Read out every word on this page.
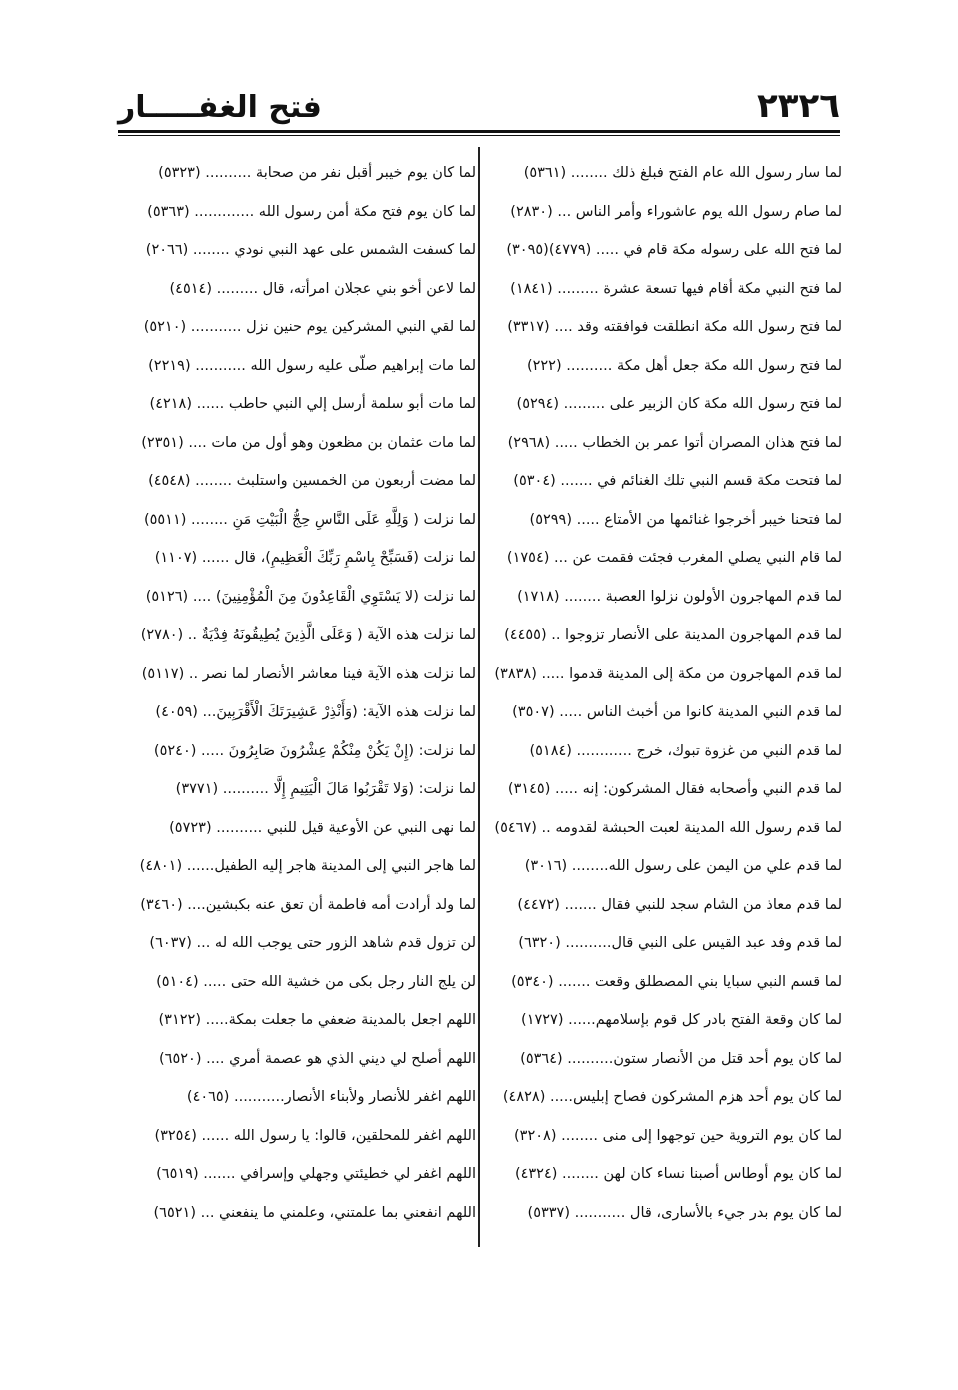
٢٣٢٦
فتح الغفـــــار
لما سار رسول الله عام الفتح فبلغ ذلك ........ (٥٣٦١)
لما صام رسول الله يوم عاشوراء وأمر الناس ... (٢٨٣٠)
لما فتح الله على رسوله مكة قام في ..... (٤٧٧٩)(٣٠٩٥)
لما فتح النبي مكة أقام فيها تسعة عشرة ......... (١٨٤١)
لما فتح رسول الله مكة انطلقت فوافقته وقد .... (٣٣١٧)
لما فتح رسول الله مكة جعل أهل مكة .......... (٢٢٢)
لما فتح رسول الله مكة كان الزبير على ......... (٥٢٩٤)
لما فتح هذان المصران أتوا عمر بن الخطاب ..... (٢٩٦٨)
لما فتحت مكة قسم النبي تلك الغنائم في ....... (٥٣٠٤)
لما فتحنا خيبر أخرجوا غنائمها من الأمتاع ..... (٥٢٩٩)
لما قام النبي يصلي المغرب فجئت فقمت عن ... (١٧٥٤)
لما قدم المهاجرون الأولون نزلوا العصبة ........ (١٧١٨)
لما قدم المهاجرون المدينة على الأنصار تزوجوا .. (٤٤٥٥)
لما قدم المهاجرون من مكة إلى المدينة قدموا ..... (٣٨٣٨)
لما قدم النبي المدينة كانوا من أخبث الناس ..... (٣٥٠٧)
لما قدم النبي من غزوة تبوك، خرج ............ (٥١٨٤)
لما قدم النبي وأصحابه فقال المشركون: إنه ..... (٣١٤٥)
لما قدم رسول الله المدينة لعبت الحبشة لقدومه .. (٥٤٦٧)
لما قدم علي من اليمن على رسول الله........ (٣٠١٦)
لما قدم معاذ من الشام سجد للنبي فقال ....... (٤٤٧٢)
لما قدم وفد عبد القيس على النبي قال.......... (٦٣٢٠)
لما قسم النبي سبايا بني المصطلق وقعت ....... (٥٣٤٠)
لما كان وقعة الفتح بادر كل قوم بإسلامهم...... (١٧٢٧)
لما كان يوم أحد قتل من الأنصار ستون.......... (٥٣٦٤)
لما كان يوم أحد هزم المشركون فصاح إبليس..... (٤٨٢٨)
لما كان يوم التروية حين توجهوا إلى منى ........ (٣٢٠٨)
لما كان يوم أوطاس أصبنا نساء كان لهن ........ (٤٣٢٤)
لما كان يوم بدر جيء بالأسارى، قال ........... (٥٣٣٧)
لما كان يوم خيبر أقبل نفر من صحابة .......... (٥٣٢٣)
لما كان يوم فتح مكة أمن رسول الله ............. (٥٣٦٣)
لما كسفت الشمس على عهد النبي نودي ........ (٢٠٦٦)
لما لاعن أخو بني عجلان امرأته، قال ......... (٤٥١٤)
لما لقي النبي المشركين يوم حنين نزل ........... (٥٢١٠)
لما مات إبراهيم صلّى عليه رسول الله ........... (٢٢١٩)
لما مات أبو سلمة أرسل إلي النبي حاطب ...... (٤٢١٨)
لما مات عثمان بن مظعون وهو أول من مات .... (٢٣٥١)
لما مضت أربعون من الخمسين واستلبث ........ (٤٥٤٨)
لما نزلت ( وَلِلَّهِ عَلَى النَّاسِ حِجُّ الْبَيْتِ مَنِ ........ (٥٥١١)
لما نزلت (فَسَبِّحْ بِاسْمِ رَبِّكَ الْعَظِيمِ)، قال ...... (١١٠٧)
لما نزلت (لا يَسْتَوِي الْقَاعِدُونَ مِنَ الْمُؤْمِنِينَ) .... (٥١٢٦)
لما نزلت هذه الآية ( وَعَلَى الَّذِينَ يُطِيقُونَهُ فِدْيَةٌ .. (٢٧٨٠)
لما نزلت هذه الآية فينا معاشر الأنصار لما نصر .. (٥١١٧)
لما نزلت هذه الآية: (وَأَنْذِرْ عَشِيرَتَكَ الْأَقْرَبِينَ... (٤٠٥٩)
لما نزلت: (إِنْ يَكُنْ مِنْكُمْ عِشْرُونَ صَابِرُونَ ..... (٥٢٤٠)
لما نزلت: (وَلا تَقْرَبُوا مَالَ الْيَتِيمِ إِلَّا .......... (٣٧٧١)
لما نهى النبي عن الأوعية قيل للنبي .......... (٥٧٢٣)
لما هاجر النبي إلى المدينة هاجر إليه الطفيل...... (٤٨٠١)
لما ولد أرادت أمه فاطمة أن تعق عنه بكبشين.... (٣٤٦٠)
لن تزول قدم شاهد الزور حتى يوجب الله له ... (٦٠٣٧)
لن يلج النار رجل بكى من خشية الله حتى ..... (٥١٠٤)
اللهم اجعل بالمدينة ضعفي ما جعلت بمكة..... (٣١٢٢)
اللهم أصلح لي ديني الذي هو عصمة أمري .... (٦٥٢٠)
اللهم اغفر للأنصار ولأبناء الأنصار........... (٤٠٦٥)
اللهم اغفر للمحلقين، قالوا: يا رسول الله ...... (٣٢٥٤)
اللهم اغفر لي خطيئتي وجهلي وإسرافي ....... (٦٥١٩)
اللهم انفعني بما علمتني، وعلمني ما ينفعني ... (٦٥٢١)
